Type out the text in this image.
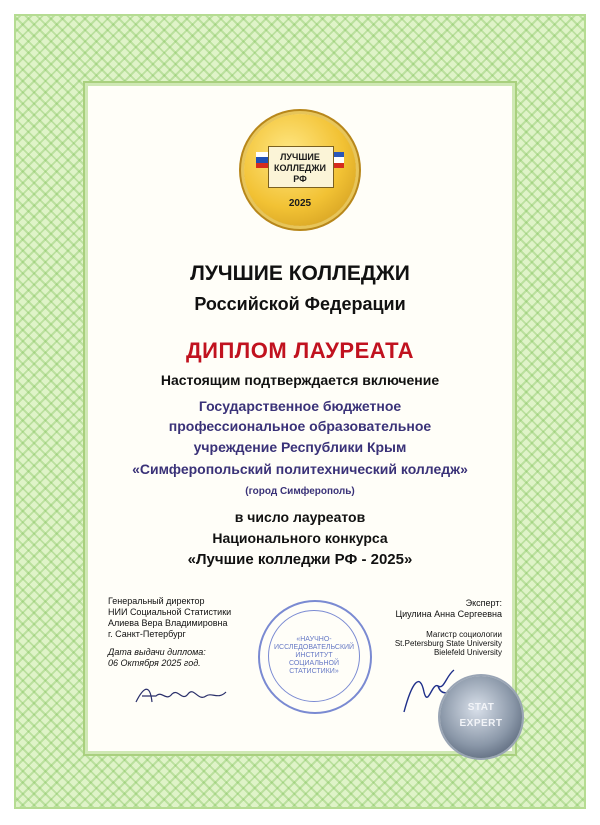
ЛУЧШИЕ
КОЛЛЕДЖИ
РФ
2025

ЛУЧШИЕ КОЛЛЕДЖИ

Российской Федерации

ДИПЛОМ ЛАУРЕАТА

Настоящим подтверждается включение

Государственное бюджетное

профессиональное образовательное

учреждение Республики Крым

«Симферопольский политехнический колледж»

(город Симферополь)

в число лауреатов

Национального конкурса

«Лучшие колледжи РФ - 2025»

Генеральный директор
НИИ Социальной Статистики
Алиева Вера Владимировна
г. Санкт-Петербург
Дата выдачи диплома:
06 Октября 2025 год.
«НАУЧНО-ИССЛЕДОВАТЕЛЬСКИЙ ИНСТИТУТ СОЦИАЛЬНОЙ СТАТИСТИКИ»
Эксперт:
Циулина Анна Сергеевна
Магистр социологии
St.Petersburg State University
Bielefeld University
STAT
EXPERT
